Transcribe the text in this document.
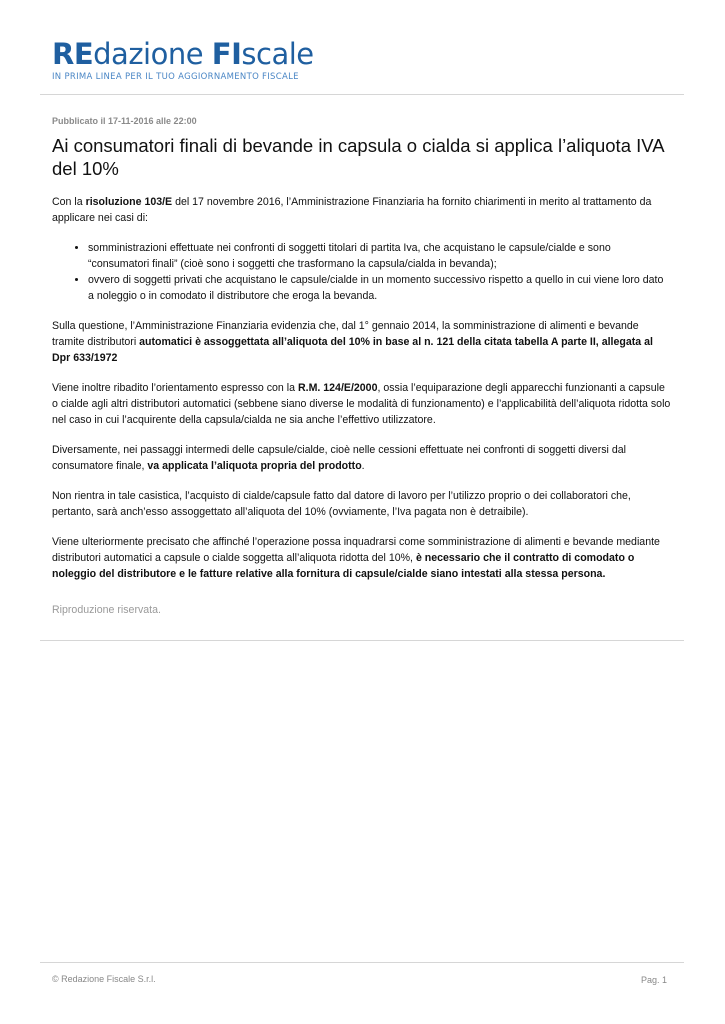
REdazione FIscale
IN PRIMA LINEA PER IL TUO AGGIORNAMENTO FISCALE
Pubblicato il 17-11-2016 alle 22:00
Ai consumatori finali di bevande in capsula o cialda si applica l’aliquota IVA del 10%

Con la risoluzione 103/E del 17 novembre 2016, l’Amministrazione Finanziaria ha fornito chiarimenti in merito al trattamento da applicare nei casi di:

• somministrazioni effettuate nei confronti di soggetti titolari di partita Iva, che acquistano le capsule/cialde e sono “consumatori finali” (cioè sono i soggetti che trasformano la capsula/cialda in bevanda);
• ovvero di soggetti privati che acquistano le capsule/cialde in un momento successivo rispetto a quello in cui viene loro dato a noleggio o in comodato il distributore che eroga la bevanda.

Sulla questione, l’Amministrazione Finanziaria evidenzia che, dal 1° gennaio 2014, la somministrazione di alimenti e bevande tramite distributori automatici è assoggettata all’aliquota del 10% in base al n. 121 della citata tabella A parte II, allegata al Dpr 633/1972

Viene inoltre ribadito l’orientamento espresso con la R.M. 124/E/2000, ossia l’equiparazione degli apparecchi funzionanti a capsule o cialde agli altri distributori automatici (sebbene siano diverse le modalità di funzionamento) e l’applicabilità dell’aliquota ridotta solo nel caso in cui l’acquirente della capsula/cialda ne sia anche l’effettivo utilizzatore.

Diversamente, nei passaggi intermedi delle capsule/cialde, cioè nelle cessioni effettuate nei confronti di soggetti diversi dal consumatore finale, va applicata l’aliquota propria del prodotto.

Non rientra in tale casistica, l’acquisto di cialde/capsule fatto dal datore di lavoro per l’utilizzo proprio o dei collaboratori che, pertanto, sarà anch’esso assoggettato all’aliquota del 10% (ovviamente, l’Iva pagata non è detraibile).

Viene ulteriormente precisato che affinché l’operazione possa inquadrarsi come somministrazione di alimenti e bevande mediante distributori automatici a capsule o cialde soggetta all’aliquota ridotta del 10%, è necessario che il contratto di comodato o noleggio del distributore e le fatture relative alla fornitura di capsule/cialde siano intestati alla stessa persona.

Riproduzione riservata.
© Redazione Fiscale S.r.l.	Pag. 1
